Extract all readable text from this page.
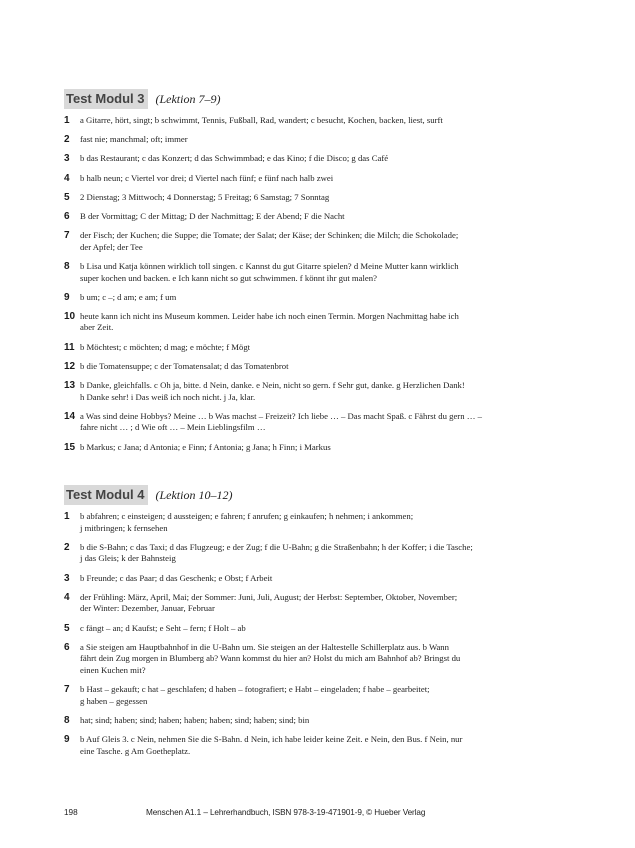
Test Modul 3 (Lektion 7–9)
1	a Gitarre, hört, singt; b schwimmt, Tennis, Fußball, Rad, wandert; c besucht, Kochen, backen, liest, surft
2	fast nie; manchmal; oft; immer
3	b das Restaurant; c das Konzert; d das Schwimmbad; e das Kino; f die Disco; g das Café
4	b halb neun; c Viertel vor drei; d Viertel nach fünf; e fünf nach halb zwei
5	2 Dienstag; 3 Mittwoch; 4 Donnerstag; 5 Freitag; 6 Samstag; 7 Sonntag
6	B der Vormittag; C der Mittag; D der Nachmittag; E der Abend; F die Nacht
7	der Fisch; der Kuchen; die Suppe; die Tomate; der Salat; der Käse; der Schinken; die Milch; die Schokolade;
der Apfel; der Tee
8	b Lisa und Katja können wirklich toll singen. c Kannst du gut Gitarre spielen? d Meine Mutter kann wirklich
super kochen und backen. e Ich kann nicht so gut schwimmen. f könnt ihr gut malen?
9	b um; c –; d am; e am; f um
10 heute kann ich nicht ins Museum kommen. Leider habe ich noch einen Termin. Morgen Nachmittag habe ich
aber Zeit.
11 b Möchtest; c möchten; d mag; e möchte; f Mögt
12 b die Tomatensuppe; c der Tomatensalat; d das Tomatenbrot
13 b Danke, gleichfalls. c Oh ja, bitte. d Nein, danke. e Nein, nicht so gern. f Sehr gut, danke. g Herzlichen Dank!
h Danke sehr! i Das weiß ich noch nicht. j Ja, klar.
14 a Was sind deine Hobbys? Meine … b Was machst – Freizeit? Ich liebe … – Das macht Spaß. c Fährst du gern … –
fahre nicht … ; d Wie oft … – Mein Lieblingsfilm …
15 b Markus; c Jana; d Antonia; e Finn; f Antonia; g Jana; h Finn; i Markus
Test Modul 4 (Lektion 10–12)
1	b abfahren; c einsteigen; d aussteigen; e fahren; f anrufen; g einkaufen; h nehmen; i ankommen;
j mitbringen; k fernsehen
2	b die S-Bahn; c das Taxi; d das Flugzeug; e der Zug; f die U-Bahn; g die Straßenbahn; h der Koffer; i die Tasche;
j das Gleis; k der Bahnsteig
3	b Freunde; c das Paar; d das Geschenk; e Obst; f Arbeit
4	der Frühling: März, April, Mai; der Sommer: Juni, Juli, August; der Herbst: September, Oktober, November;
der Winter: Dezember, Januar, Februar
5	c fängt – an; d Kaufst; e Seht – fern; f Holt – ab
6	a Sie steigen am Hauptbahnhof in die U-Bahn um. Sie steigen an der Haltestelle Schillerplatz aus. b Wann
fährt dein Zug morgen in Blumberg ab? Wann kommst du hier an? Holst du mich am Bahnhof ab? Bringst du
einen Kuchen mit?
7	b Hast – gekauft; c hat – geschlafen; d haben – fotografiert; e Habt – eingeladen; f habe – gearbeitet;
g haben – gegessen
8	hat; sind; haben; sind; haben; haben; haben; sind; haben; sind; bin
9	b Auf Gleis 3. c Nein, nehmen Sie die S-Bahn. d Nein, ich habe leider keine Zeit. e Nein, den Bus. f Nein, nur
eine Tasche. g Am Goetheplatz.
198	Menschen A1.1 – Lehrerhandbuch, ISBN 978-3-19-471901-9, © Hueber Verlag
